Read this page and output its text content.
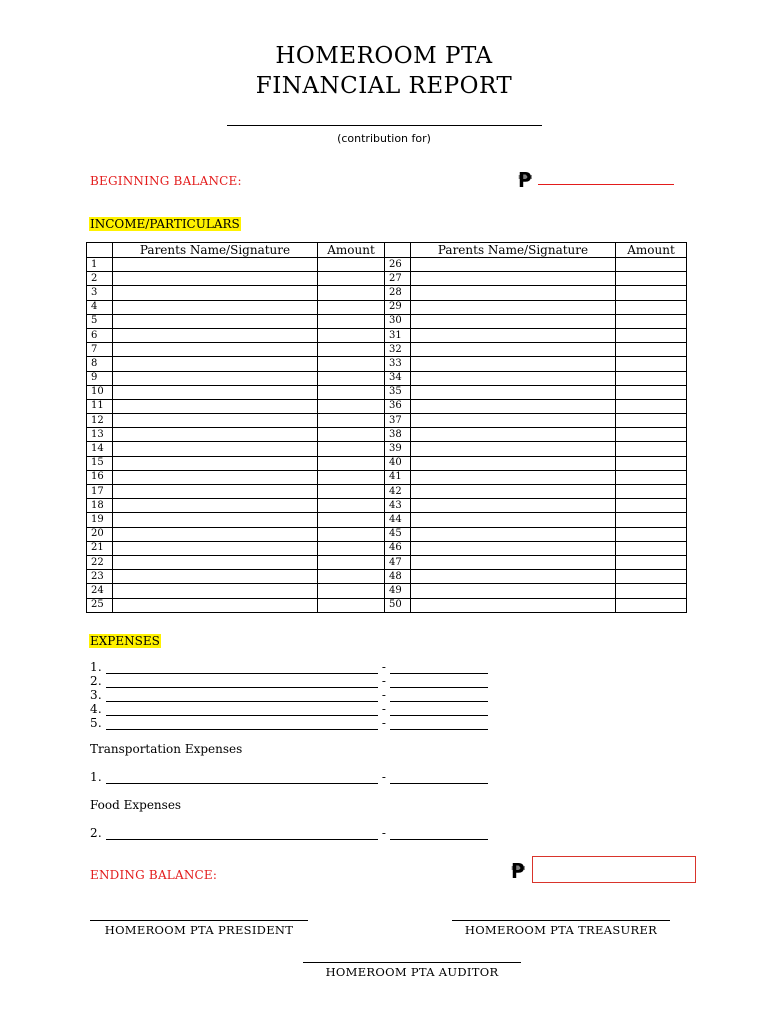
HOMEROOM PTA
FINANCIAL REPORT
(contribution for)
BEGINNING BALANCE:	₱
INCOME/PARTICULARS
	Parents Name/Signature	Amount		Parents Name/Signature	Amount
1			26		
2			27		
3			28		
4			29		
5			30		
6			31		
7			32		
8			33		
9			34		
10			35		
11			36		
12			37		
13			38		
14			39		
15			40		
16			41		
17			42		
18			43		
19			44		
20			45		
21			46		
22			47		
23			48		
24			49		
25			50		
EXPENSES
1.	-
2.	-
3.	-
4.	-
5.	-
Transportation Expenses
1.	-
Food Expenses
2.	-
ENDING BALANCE:	₱
HOMEROOM PTA PRESIDENT	HOMEROOM PTA TREASURER
HOMEROOM PTA AUDITOR
